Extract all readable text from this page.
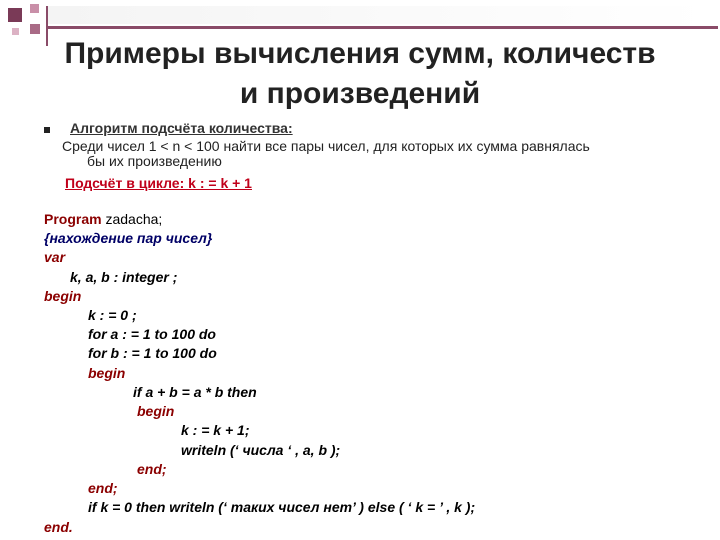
Примеры вычисления сумм, количеств
и произведений
Алгоритм подсчёта количества:
Среди чисел 1 < n < 100 найти все пары чисел, для которых их сумма равнялась
бы их произведению
Подсчёт в цикле: k : = k + 1
Program zadacha;
{нахождение пар чисел}
var
k, a, b : integer ;
begin
k : = 0 ;
for a : = 1 to 100 do
for b : = 1 to 100 do
begin
if a + b = a * b then
begin
k : = k + 1;
writeln (‘ числа ‘ , a, b );
end;
end;
if k = 0 then writeln (‘ таких чисел нет’ ) else ( ‘ k = ’ , k );
end.
